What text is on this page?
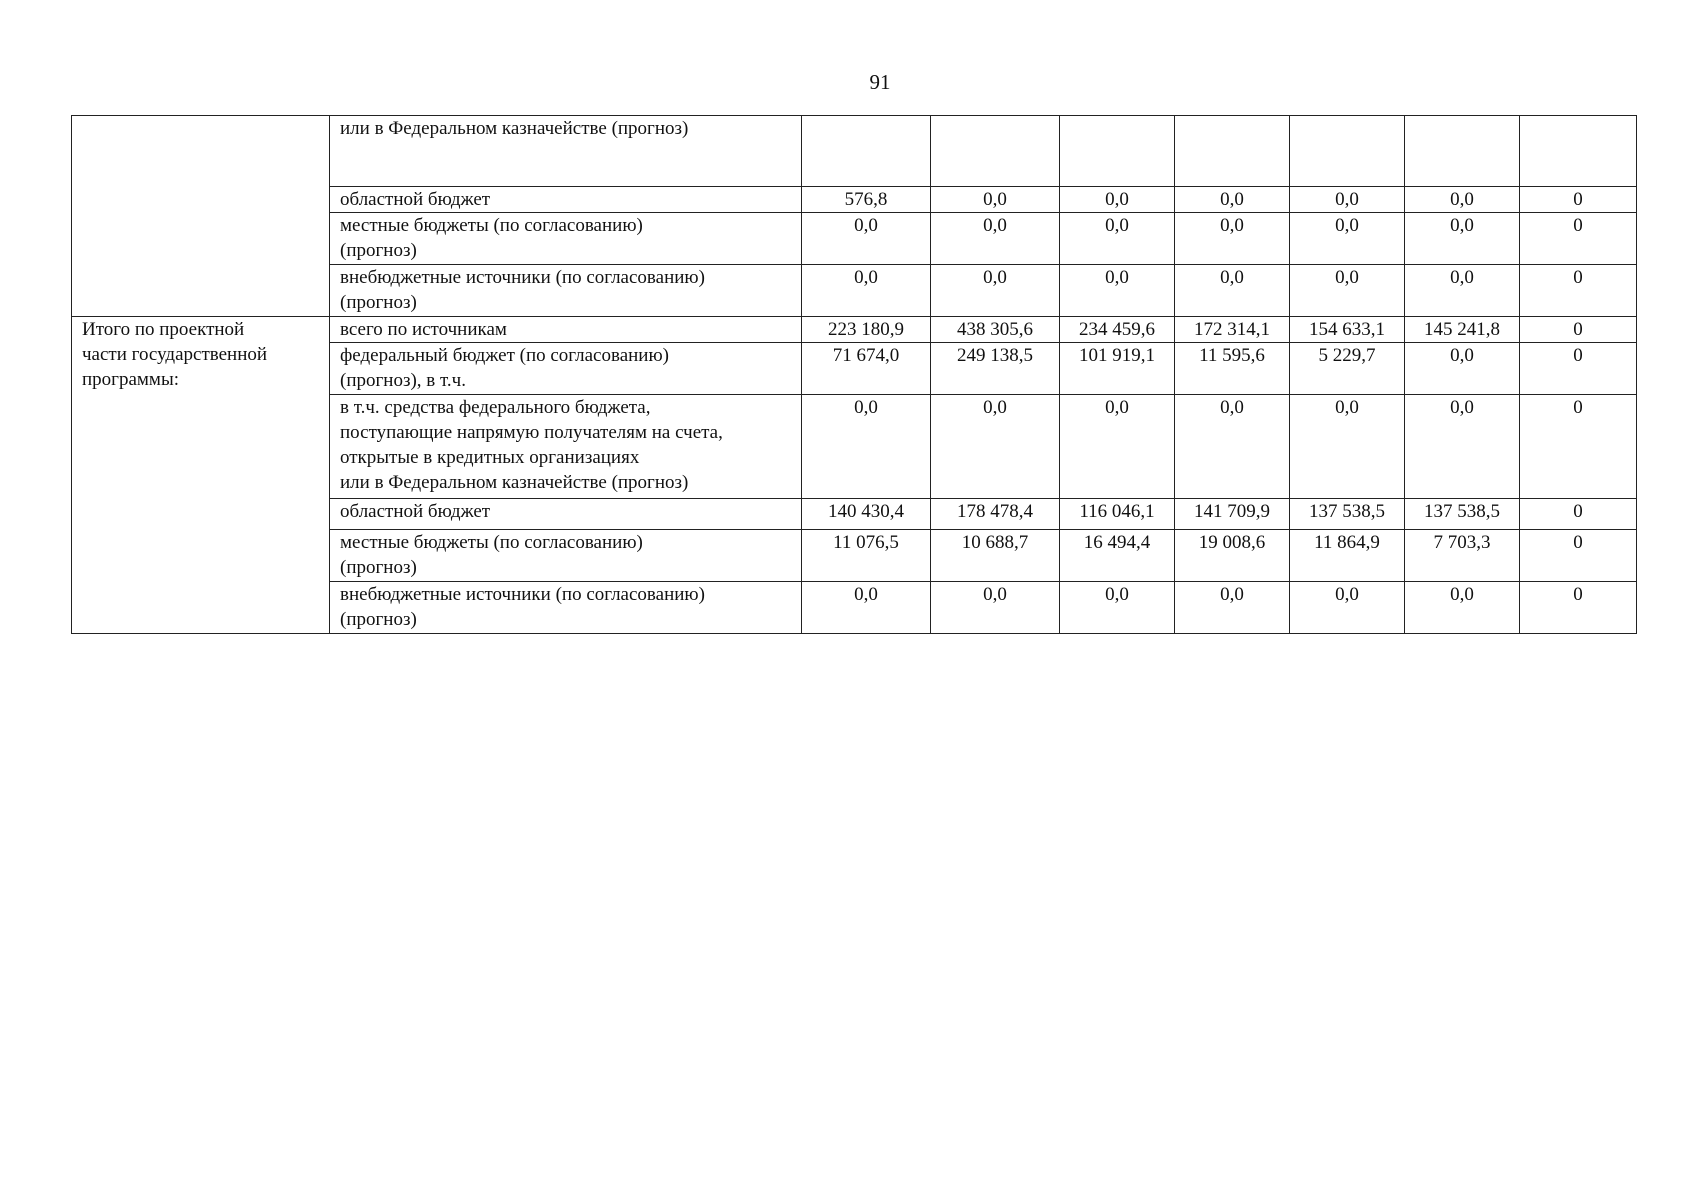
91

	или в Федеральном казначействе (прогноз)							

	областной бюджет	576,8	0,0	0,0	0,0	0,0	0,0	0

	местные бюджеты (по согласованию)
(прогноз)	0,0	0,0	0,0	0,0	0,0	0,0	0

	внебюджетные источники (по согласованию)
(прогноз)	0,0	0,0	0,0	0,0	0,0	0,0	0

Итого по проектной
части государственной
программы:	всего по источникам	223 180,9	438 305,6	234 459,6	172 314,1	154 633,1	145 241,8	0

	федеральный бюджет (по согласованию)
(прогноз), в т.ч.	71 674,0	249 138,5	101 919,1	11 595,6	5 229,7	0,0	0

	в т.ч. средства федерального бюджета,
поступающие напрямую получателям на счета,
открытые в кредитных организациях
или в Федеральном казначействе (прогноз)	0,0	0,0	0,0	0,0	0,0	0,0	0

	областной бюджет	140 430,4	178 478,4	116 046,1	141 709,9	137 538,5	137 538,5	0

	местные бюджеты (по согласованию)
(прогноз)	11 076,5	10 688,7	16 494,4	19 008,6	11 864,9	7 703,3	0

	внебюджетные источники (по согласованию)
(прогноз)	0,0	0,0	0,0	0,0	0,0	0,0	0
